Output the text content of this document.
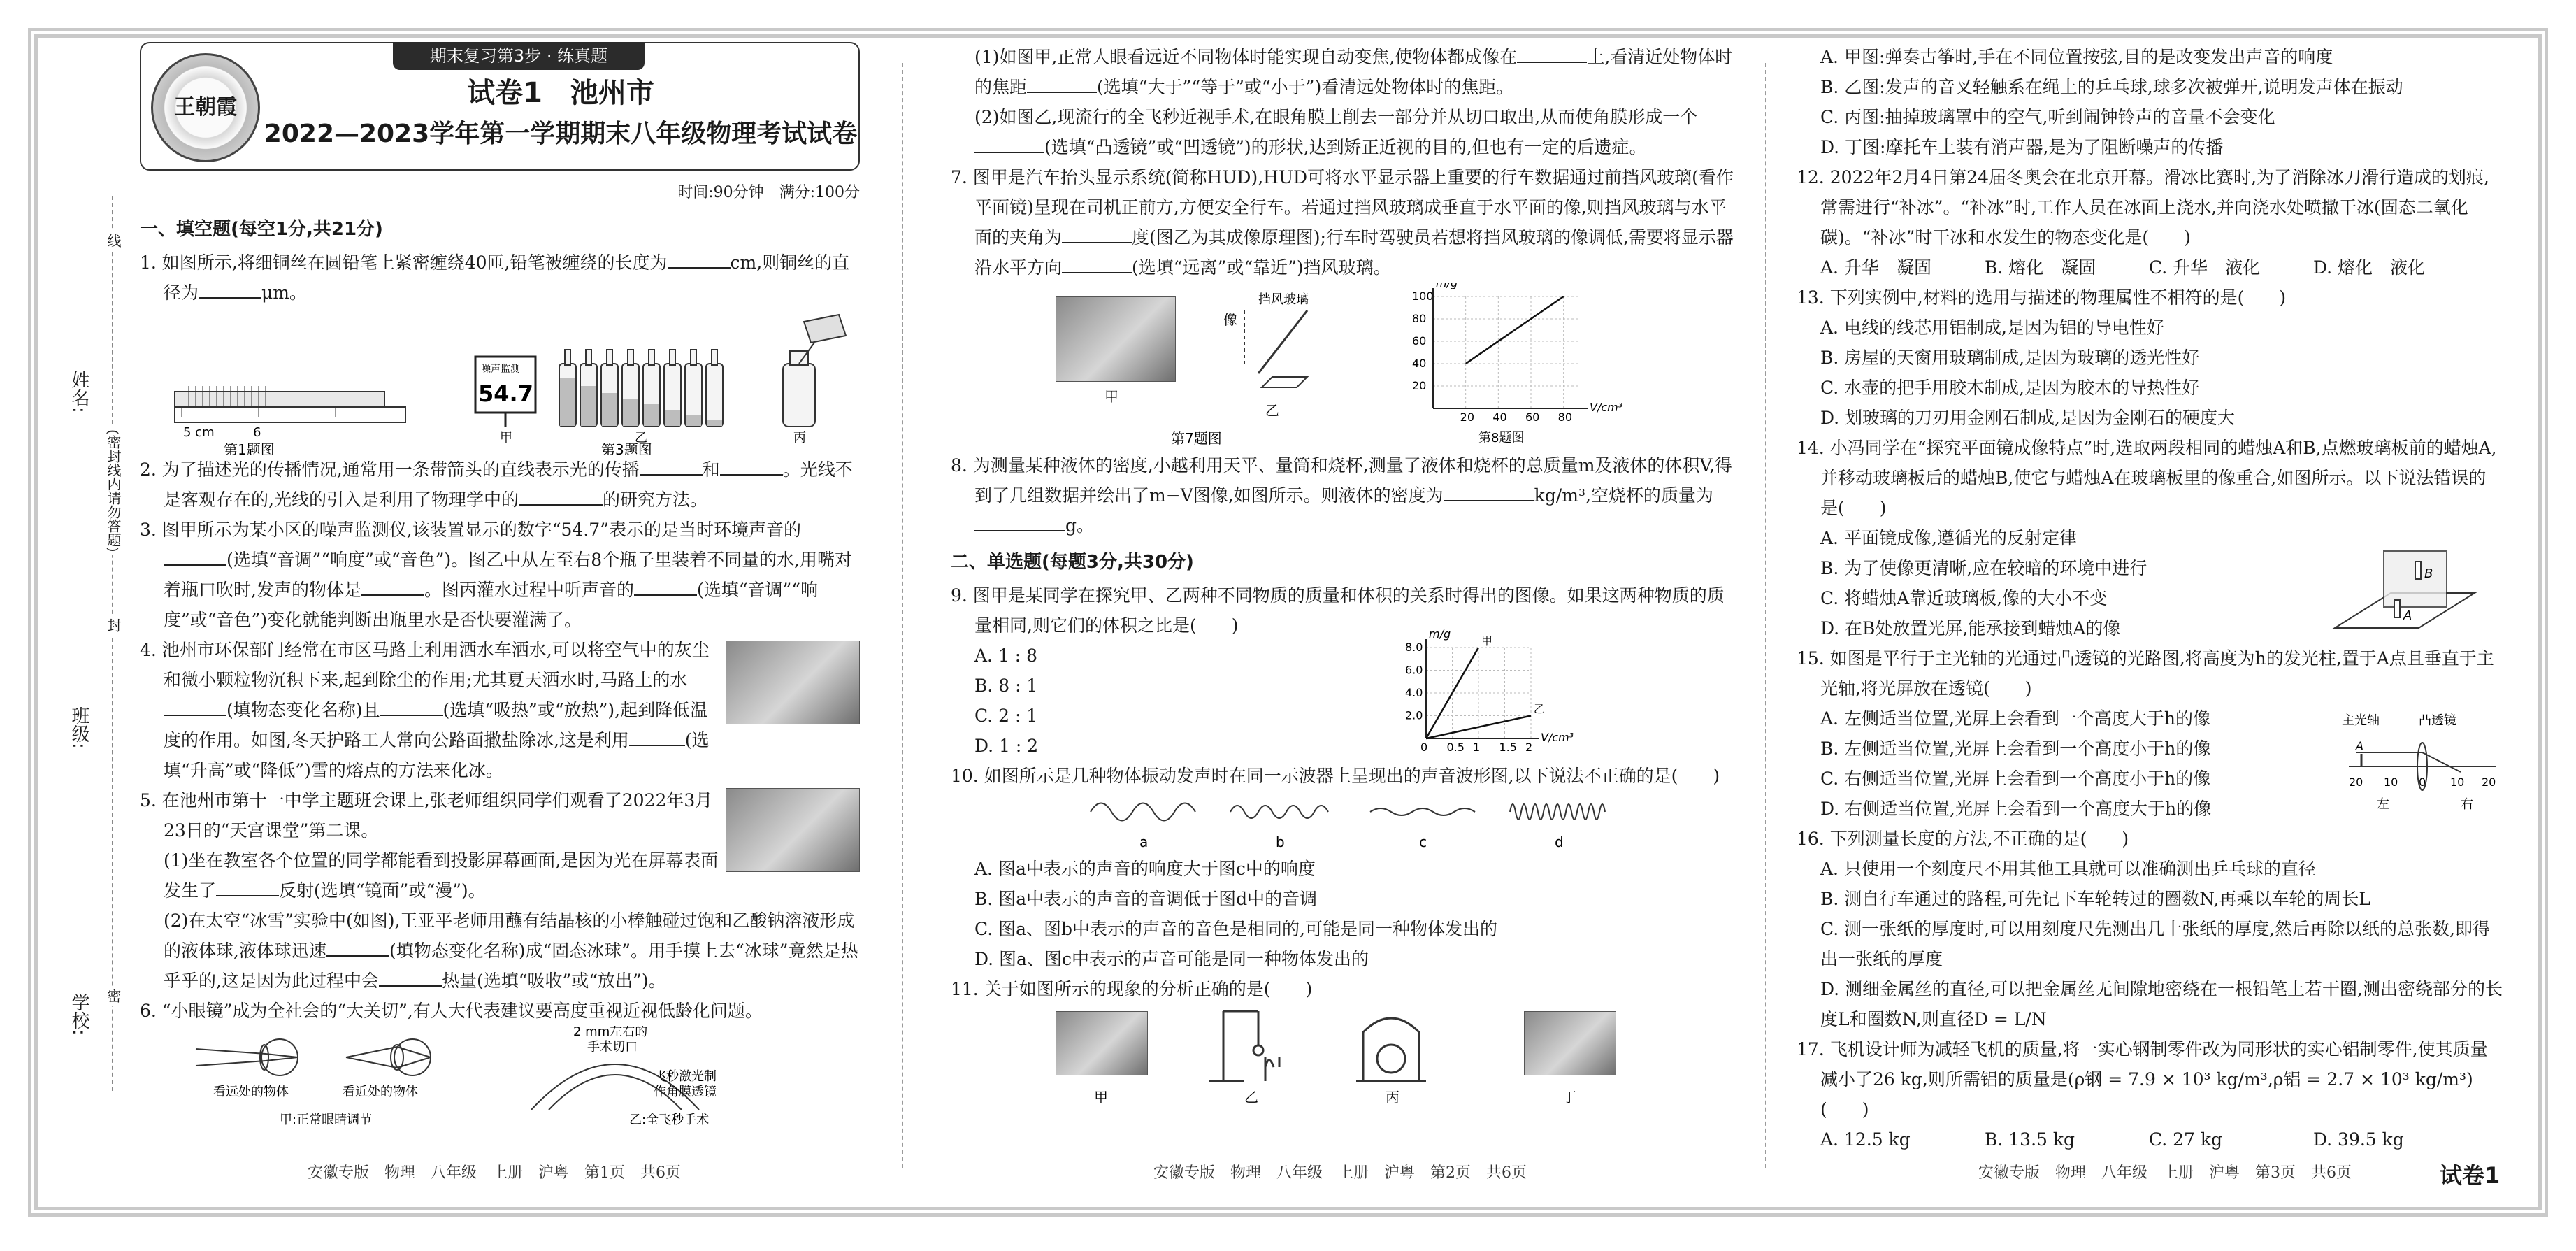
姓名:
班级:
学校:
线
(密封线内请勿答题)
封
密
期末复习第3步 · 练真题
王朝霞	试卷1　池州市
2022—2023学年第一学期期末八年级物理考试试卷

时间:90分钟　满分:100分

一、填空题(每空1分,共21分)

1. 如图所示,将细铜丝在圆铅笔上紧密缠绕40匝,铅笔被缠绕的长度为	cm,则铜丝的直径为	μm。

5 cm	6
第1题图
噪声监测
54.7
甲	乙
第3题图
丙

2. 为了描述光的传播情况,通常用一条带箭头的直线表示光的传播	和	。光线不是客观存在的,光线的引入是利用了物理学中的	的研究方法。

3. 图甲所示为某小区的噪声监测仪,该装置显示的数字“54.7”表示的是当时环境声音的(选填“音调”“响度”或“音色”)。图乙中从左至右8个瓶子里装着不同量的水,用嘴对着瓶口吹时,发声的物体是	。图丙灌水过程中听声音的	(选填“音调”“响度”或“音色”)变化就能判断出瓶里水是否快要灌满了。

4. 池州市环保部门经常在市区马路上利用洒水车洒水,可以将空气中的灰尘和微小颗粒物沉积下来,起到除尘的作用;尤其夏天洒水时,马路上的水(填物态变化名称)且	(选填“吸热”或“放热”),起到降低温度的作用。如图,冬天护路工人常向公路面撒盐除冰,这是利用	(选填“升高”或“降低”)雪的熔点的方法来化冰。

5. 在池州市第十一中学主题班会课上,张老师组织同学们观看了2022年3月23日的“天宫课堂”第二课。

(1)坐在教室各个位置的同学都能看到投影屏幕画面,是因为光在屏幕表面发生了	反射(选填“镜面”或“漫”)。

(2)在太空“冰雪”实验中(如图),王亚平老师用蘸有结晶核的小棒触碰过饱和乙酸钠溶液形成的液体球,液体球迅速	(填物态变化名称)成“固态冰球”。用手摸上去“冰球”竟然是热乎乎的,这是因为此过程中会	热量(选填“吸收”或“放出”)。

6. “小眼镜”成为全社会的“大关切”,有人大代表建议要高度重视近视低龄化问题。

看远处的物体	看近处的物体
甲:正常眼睛调节
2 mm左右的
手术切口
飞秒激光制
作角膜透镜
乙:全飞秒手术

(1)如图甲,正常人眼看远近不同物体时能实现自动变焦,使物体都成像在	上,看清近处物体时的焦距	(选填“大于”“等于”或“小于”)看清远处物体时的焦距。

(2)如图乙,现流行的全飞秒近视手术,在眼角膜上削去一部分并从切口取出,从而使角膜形成一个(选填“凸透镜”或“凹透镜”)的形状,达到矫正近视的目的,但也有一定的后遗症。

7. 图甲是汽车抬头显示系统(简称HUD),HUD可将水平显示器上重要的行车数据通过前挡风玻璃(看作平面镜)呈现在司机正前方,方便安全行车。若通过挡风玻璃成垂直于水平面的像,则挡风玻璃与水平面的夹角为	度(图乙为其成像原理图);行车时驾驶员若想将挡风玻璃的像调低,需要将显示器沿水平方向	(选填“远离”或“靠近”)挡风玻璃。

甲
像
挡风玻璃
乙
第7题图
20 40 60 80
20
40
60
80
100
V/cm³
m/g
第8题图

8. 为测量某种液体的密度,小越利用天平、量筒和烧杯,测量了液体和烧杯的总质量m及液体的体积V,得到了几组数据并绘出了m−V图像,如图所示。则液体的密度为	kg/m³,空烧杯的质量为g。

二、单选题(每题3分,共30分)

9. 图甲是某同学在探究甲、乙两种不同物质的质量和体积的关系时得出的图像。如果这两种物质的质量相同,则它们的体积之比是(　　)

A. 1 : 8

B. 8 : 1

C. 2 : 1

D. 1 : 2	0 0.5 1 1.5 2
2.0
4.0
6.0
8.0
V/cm³
m/g
甲
乙

10. 如图所示是几种物体振动发声时在同一示波器上呈现出的声音波形图,以下说法不正确的是(　　)

a	b	c	d

A. 图a中表示的声音的响度大于图c中的响度

B. 图a中表示的声音的音调低于图d中的音调

C. 图a、图b中表示的声音的音色是相同的,可能是同一种物体发出的

D. 图a、图c中表示的声音可能是同一种物体发出的

11. 关于如图所示的现象的分析正确的是(　　)

甲	乙	丙	丁

A. 甲图:弹奏古筝时,手在不同位置按弦,目的是改变发出声音的响度

B. 乙图:发声的音叉轻触系在绳上的乒乓球,球多次被弹开,说明发声体在振动

C. 丙图:抽掉玻璃罩中的空气,听到闹钟铃声的音量不会变化

D. 丁图:摩托车上装有消声器,是为了阻断噪声的传播

12. 2022年2月4日第24届冬奥会在北京开幕。滑冰比赛时,为了消除冰刀滑行造成的划痕,常需进行“补冰”。“补冰”时,工作人员在冰面上浇水,并向浇水处喷撒干冰(固态二氧化碳)。“补冰”时干冰和水发生的物态变化是(　　)

A. 升华　凝固	B. 熔化　凝固	C. 升华　液化	D. 熔化　液化

13. 下列实例中,材料的选用与描述的物理属性不相符的是(　　)

A. 电线的线芯用铝制成,是因为铝的导电性好

B. 房屋的天窗用玻璃制成,是因为玻璃的透光性好

C. 水壶的把手用胶木制成,是因为胶木的导热性好

D. 划玻璃的刀刃用金刚石制成,是因为金刚石的硬度大

14. 小冯同学在“探究平面镜成像特点”时,选取两段相同的蜡烛A和B,点燃玻璃板前的蜡烛A,并移动玻璃板后的蜡烛B,使它与蜡烛A在玻璃板里的像重合,如图所示。以下说法错误的是(　　)

A. 平面镜成像,遵循光的反射定律

B. 为了使像更清晰,应在较暗的环境中进行

C. 将蜡烛A靠近玻璃板,像的大小不变

D. 在B处放置光屏,能承接到蜡烛A的像

A
B

15. 如图是平行于主光轴的光通过凸透镜的光路图,将高度为h的发光柱,置于A点且垂直于主光轴,将光屏放在透镜(　　)

A. 左侧适当位置,光屏上会看到一个高度大于h的像

B. 左侧适当位置,光屏上会看到一个高度小于h的像

C. 右侧适当位置,光屏上会看到一个高度小于h的像

D. 右侧适当位置,光屏上会看到一个高度大于h的像

主光轴	凸透镜
A
20 10 0 10 20
左	右

16. 下列测量长度的方法,不正确的是(　　)

A. 只使用一个刻度尺不用其他工具就可以准确测出乒乓球的直径

B. 测自行车通过的路程,可先记下车轮转过的圈数N,再乘以车轮的周长L

C. 测一张纸的厚度时,可以用刻度尺先测出几十张纸的厚度,然后再除以纸的总张数,即得出一张纸的厚度

D. 测细金属丝的直径,可以把金属丝无间隙地密绕在一根铅笔上若干圈,测出密绕部分的长度L和圈数N,则直径D = L/N

17. 飞机设计师为减轻飞机的质量,将一实心钢制零件改为同形状的实心铝制零件,使其质量减小了26 kg,则所需铝的质量是(ρ钢 = 7.9 × 10³ kg/m³,ρ铝 = 2.7 × 10³ kg/m³)(　　)

A. 12.5 kg	B. 13.5 kg	C. 27 kg	D. 39.5 kg

安徽专版　物理　八年级　上册　沪粤　第1页　共6页	安徽专版　物理　八年级　上册　沪粤　第2页　共6页	安徽专版　物理　八年级　上册　沪粤　第3页　共6页	试卷1
